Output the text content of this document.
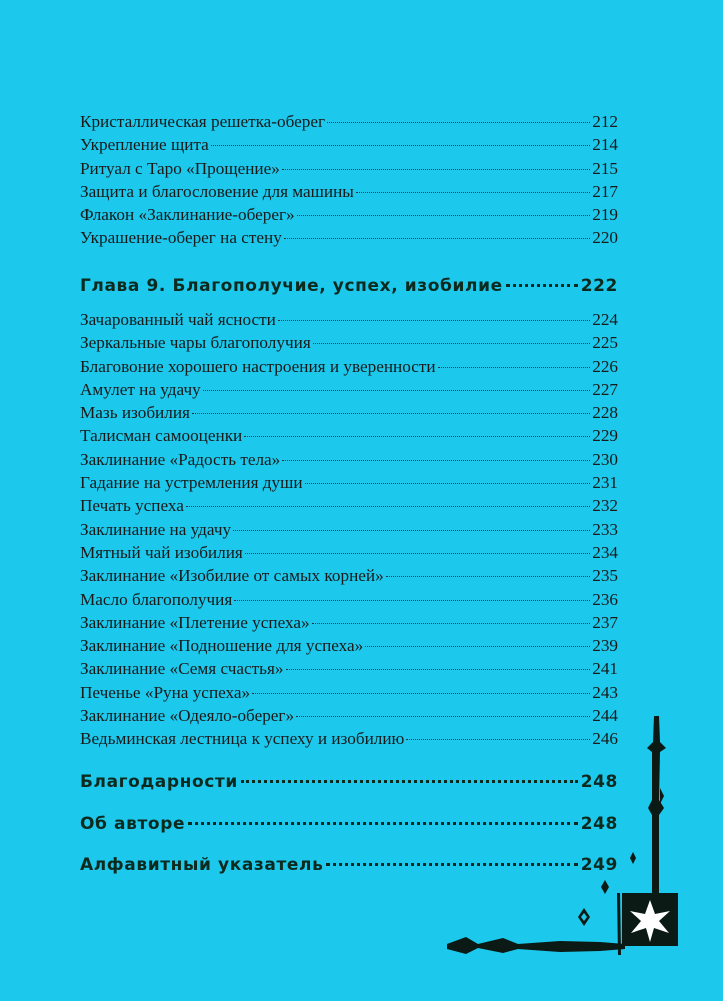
Кристаллическая решетка-оберег	212
Укрепление щита	214
Ритуал с Таро «Прощение»	215
Защита и благословение для машины	217
Флакон «Заклинание-оберег»	219
Украшение-оберег на стену	220
Глава 9. Благополучие, успех, изобилие	222
Зачарованный чай ясности	224
Зеркальные чары благополучия	225
Благовоние хорошего настроения и уверенности	226
Амулет на удачу	227
Мазь изобилия	228
Талисман самооценки	229
Заклинание «Радость тела»	230
Гадание на устремления души	231
Печать успеха	232
Заклинание на удачу	233
Мятный чай изобилия	234
Заклинание «Изобилие от самых корней»	235
Масло благополучия	236
Заклинание «Плетение успеха»	237
Заклинание «Подношение для успеха»	239
Заклинание «Семя счастья»	241
Печенье «Руна успеха»	243
Заклинание «Одеяло-оберег»	244
Ведьминская лестница к успеху и изобилию	246
Благодарности	248
Об авторе	248
Алфавитный указатель	249
